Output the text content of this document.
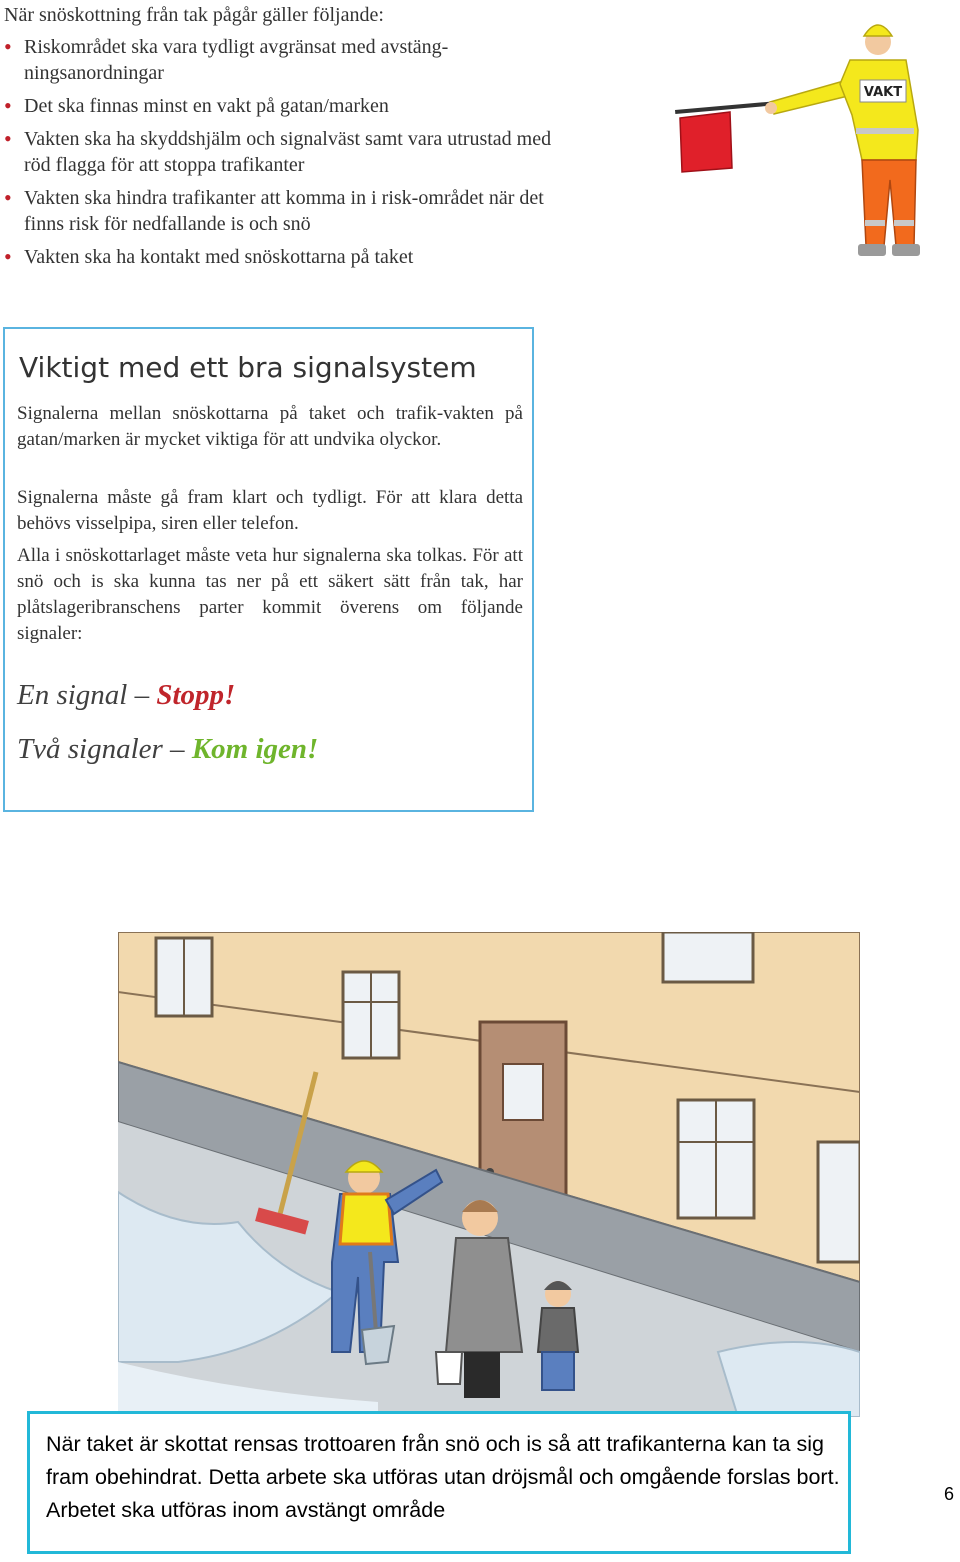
När snöskottning från tak pågår gäller följande:

• Riskområdet ska vara tydligt avgränsat med avstäng-ningsanordningar
• Det ska finnas minst en vakt på gatan/marken
• Vakten ska ha skyddshjälm och signalväst samt vara utrustad med röd flagga för att stoppa trafikanter
• Vakten ska hindra trafikanter att komma in i risk-området när det finns risk för nedfallande is och snö
• Vakten ska ha kontakt med snöskottarna på taket
VAKT
Viktigt med ett bra signalsystem

Signalerna mellan snöskottarna på taket och trafik-vakten på gatan/marken är mycket viktiga för att undvika olyckor.

Signalerna måste gå fram klart och tydligt. För att klara detta behövs visselpipa, siren eller telefon.

Alla i snöskottarlaget måste veta hur signalerna ska tolkas. För att snö och is ska kunna tas ner på ett säkert sätt från tak, har plåtslageribranschens parter kommit överens om följande signaler:

En signal – Stopp!

Två signaler – Kom igen!

När taket är skottat rensas trottoaren från snö och is så att trafikanterna kan ta sig fram obehindrat. Detta arbete ska utföras utan dröjsmål och omgående forslas bort. Arbetet ska utföras inom avstängt område

6
